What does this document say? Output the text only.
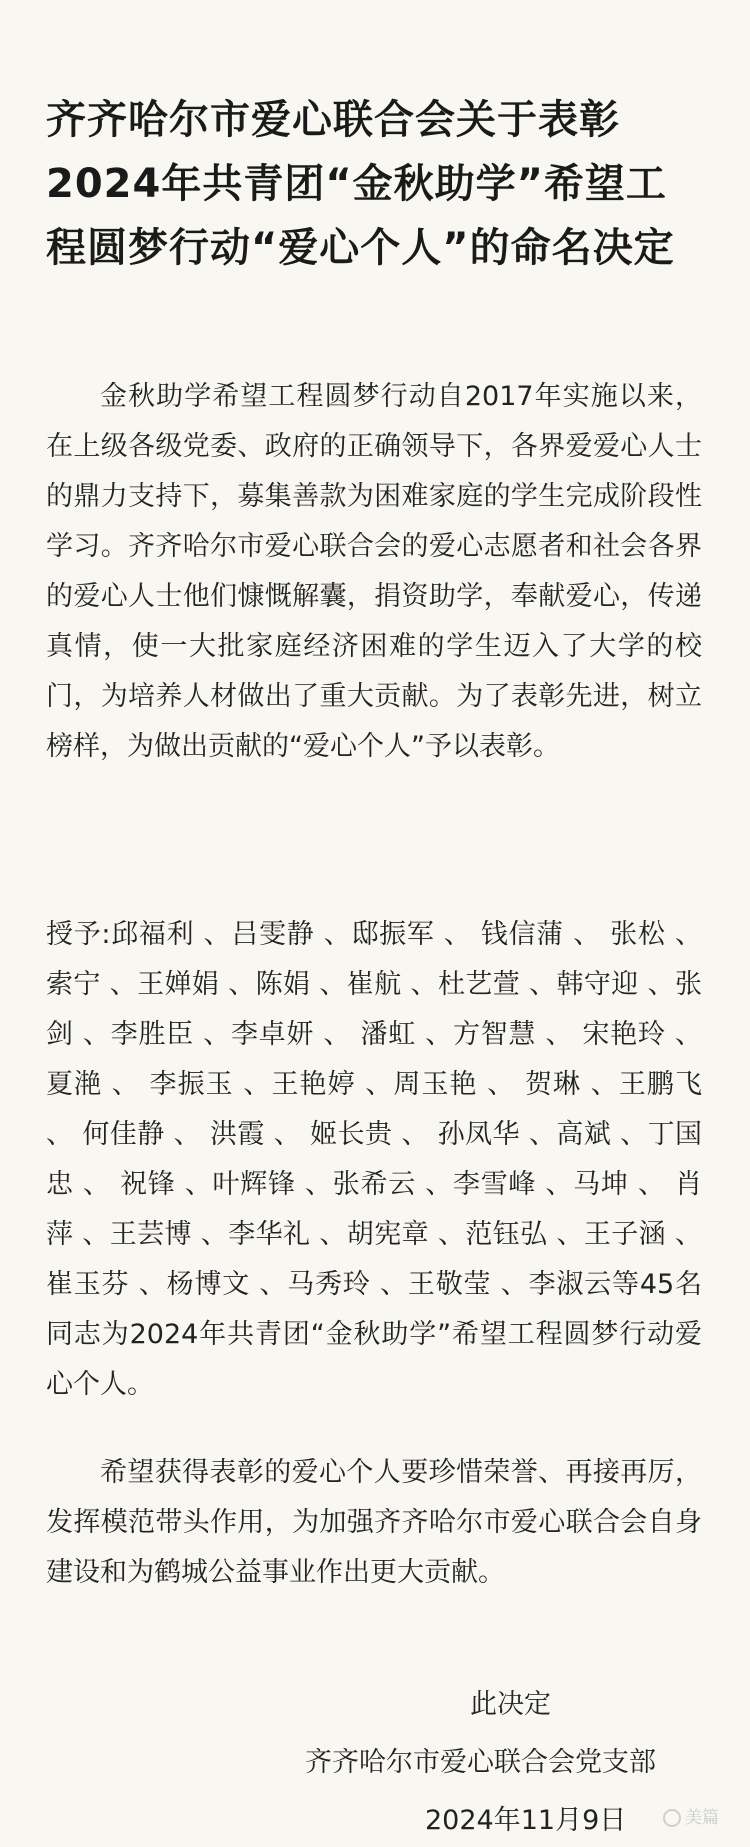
齐齐哈尔市爱心联合会关于表彰2024年共青团“金秋助学”希望工程圆梦行动“爱心个人”的命名决定

金秋助学希望工程圆梦行动自2017年实施以来，在上级各级党委、政府的正确领导下，各界爱爱心人士的鼎力支持下，募集善款为困难家庭的学生完成阶段性学习。齐齐哈尔市爱心联合会的爱心志愿者和社会各界的爱心人士他们慷慨解囊，捐资助学，奉献爱心，传递真情，使一大批家庭经济困难的学生迈入了大学的校门，为培养人材做出了重大贡献。为了表彰先进，树立榜样，为做出贡献的“爱心个人”予以表彰。

授予:邱福利 、吕雯静 、邸振军 、 钱信蒲 、 张松 、索宁 、王婵娟 、陈娟 、崔航 、杜艺萱 、韩守迎 、张剑 、李胜臣 、李卓妍 、 潘虹 、方智慧 、 宋艳玲 、夏滟 、 李振玉 、王艳婷 、周玉艳 、 贺琳 、王鹏飞 、 何佳静 、 洪霞 、 姬长贵 、 孙凤华 、高斌 、丁国忠 、 祝锋 、叶辉锋 、张希云 、李雪峰 、马坤 、 肖萍 、王芸博 、李华礼 、胡宪章 、范钰弘 、王子涵 、崔玉芬 、杨博文 、马秀玲 、王敬莹 、李淑云等45名同志为2024年共青团“金秋助学”希望工程圆梦行动爱心个人。

希望获得表彰的爱心个人要珍惜荣誉、再接再厉，发挥模范带头作用，为加强齐齐哈尔市爱心联合会自身建设和为鹤城公益事业作出更大贡献。

此决定
齐齐哈尔市爱心联合会党支部
2024年11月9日	美篇
